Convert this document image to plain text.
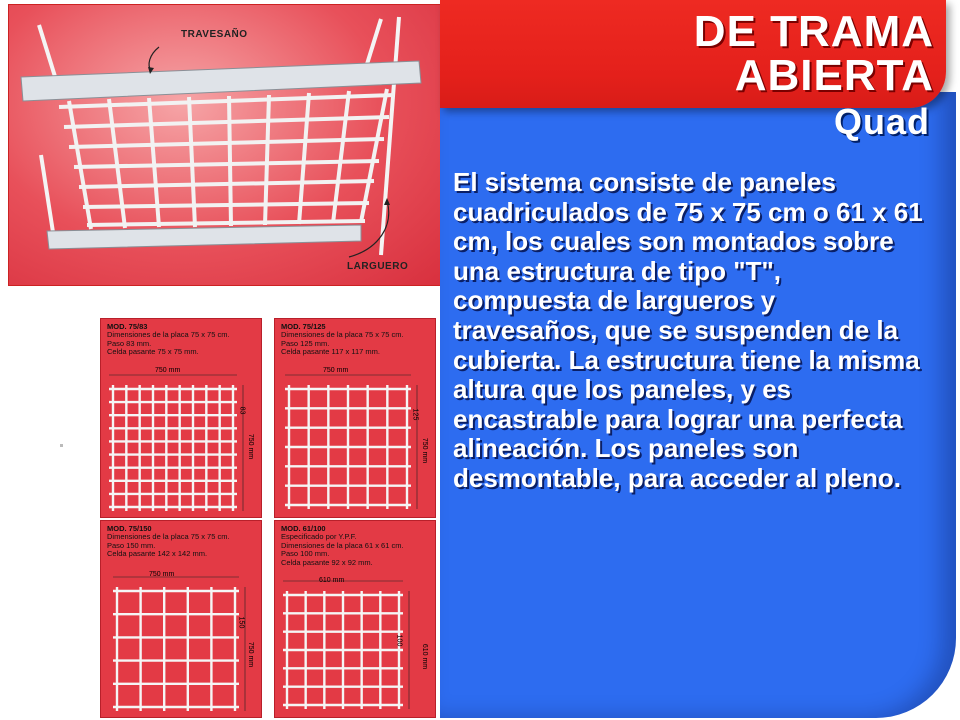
TRAVESAÑO
LARGUERO
MOD. 75/83
Dimensiones de la placa 75 x 75 cm.
Paso 83 mm.
Celda pasante 75 x 75 mm.
750 mm
83
750 mm
MOD. 75/125
Dimensiones de la placa 75 x 75 cm.
Paso 125 mm.
Celda pasante 117 x 117 mm.
750 mm
125
750 mm
MOD. 75/150
Dimensiones de la placa 75 x 75 cm.
Paso 150 mm.
Celda pasante 142 x 142 mm.
750 mm
150
750 mm
MOD. 61/100
Especificado por Y.P.F.
Dimensiones de la placa 61 x 61 cm.
Paso 100 mm.
Celda pasante 92 x 92 mm.
610 mm
100
610 mm
DE TRAMA
ABIERTA
Quad
El sistema consiste de paneles cuadriculados de 75 x 75 cm o 61 x 61 cm, los cuales son montados sobre una estructura de tipo "T", compuesta de largueros y travesaños, que se suspenden de la cubierta. La estructura tiene la misma altura que los paneles, y es encastrable para lograr una perfecta alineación. Los paneles son desmontable, para acceder al pleno.
